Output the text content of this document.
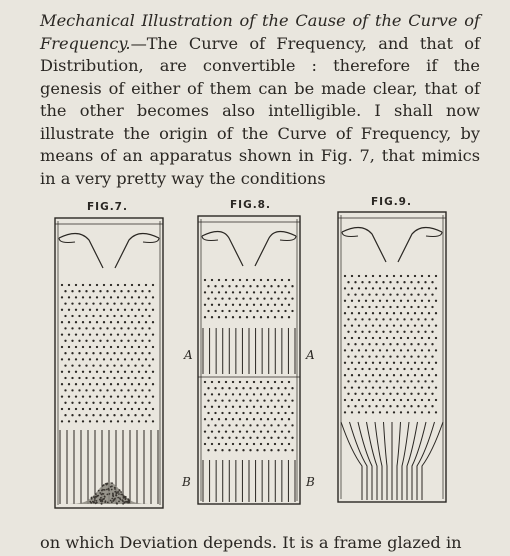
Mechanical Illustration of the Cause of the Curve of Frequency.—The Curve of Frequency, and that of Distribution, are convertible : therefore if the genesis of either of them can be made clear, that of the other becomes also intelligible. I shall now illustrate the origin of the Curve of Frequency, by means of an apparatus shown in Fig. 7, that mimics in a very pretty way the conditions
FIG.7.	FIG.8.	FIG.9.
A	A
B	B
on which Deviation depends. It is a frame glazed in
